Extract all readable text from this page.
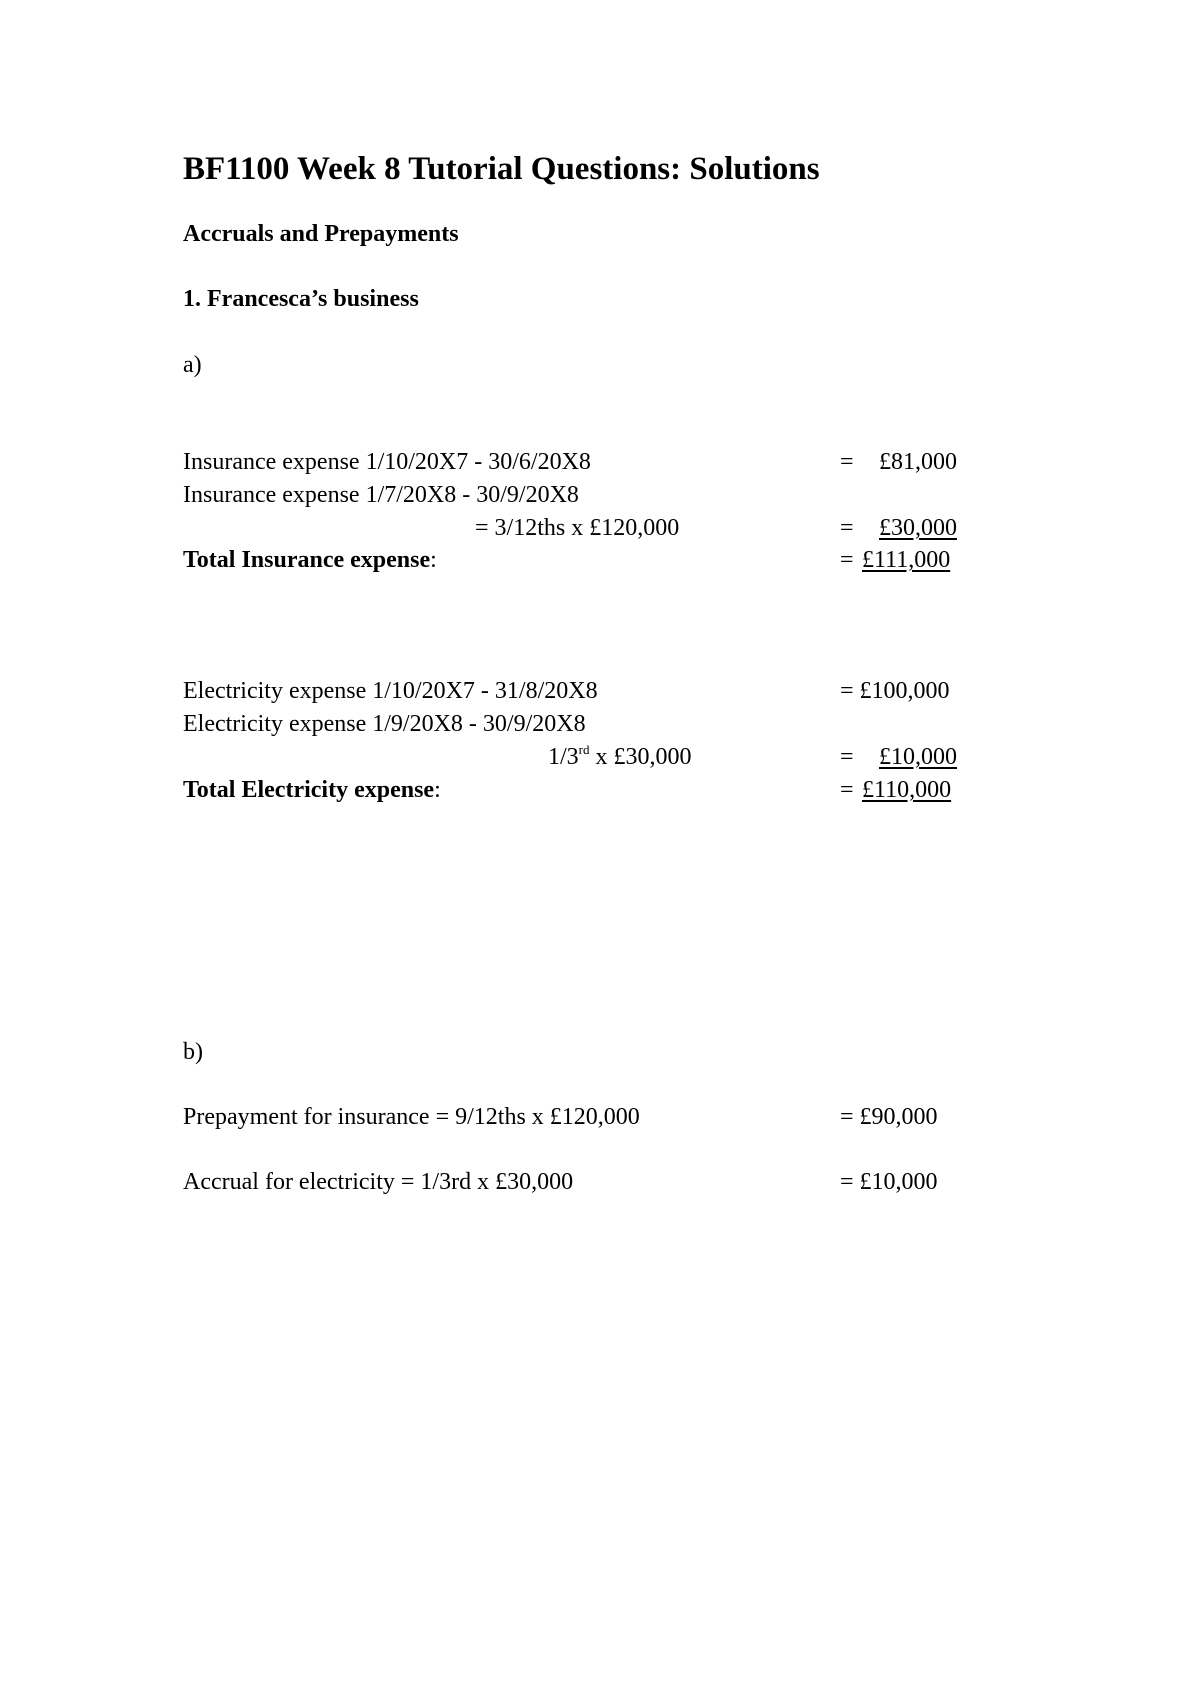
BF1100 Week 8 Tutorial Questions: Solutions
Accruals and Prepayments
1. Francesca’s business
a)
Insurance expense 1/10/20X7 - 30/6/20X8	= £81,000
Insurance expense 1/7/20X8 - 30/9/20X8
= 3/12ths x £120,000	= £30,000
Total Insurance expense:	= £111,000
Electricity expense 1/10/20X7 - 31/8/20X8	= £100,000
Electricity expense 1/9/20X8 - 30/9/20X8
1/3rd x £30,000	= £10,000
Total Electricity expense:	= £110,000
b)
Prepayment for insurance = 9/12ths x £120,000	= £90,000
Accrual for electricity = 1/3rd x £30,000	= £10,000
